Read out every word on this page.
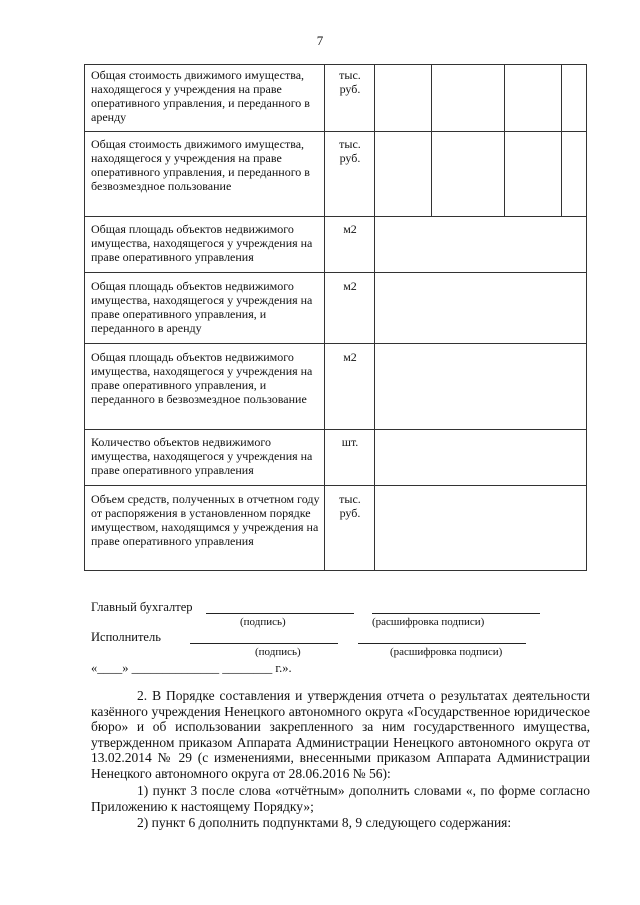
7
Общая стоимость движимого имущества, находящегося у учреждения на праве оперативного управления, и переданного в аренду
тыс. руб.
Общая стоимость движимого имущества, находящегося у учреждения на праве оперативного управления, и переданного в безвозмездное пользование
тыс. руб.
Общая площадь объектов недвижимого имущества, находящегося у учреждения на праве оперативного управления
м2
Общая площадь объектов недвижимого имущества, находящегося у учреждения на праве оперативного управления, и переданного в аренду
м2
Общая площадь объектов недвижимого имущества, находящегося у учреждения на праве оперативного управления, и переданного в безвозмездное пользование
м2
Количество объектов недвижимого имущества, находящегося у учреждения на праве оперативного управления
шт.
Объем средств, полученных в отчетном году от распоряжения в установленном порядке имуществом, находящимся у учреждения на праве оперативного управления
тыс. руб.
Главный бухгалтер
(подпись)	(расшифровка подписи)
Исполнитель
(подпись)	(расшифровка подписи)
«____» ______________ ________ г.».
2. В Порядке составления и утверждения отчета о результатах деятельности казённого учреждения Ненецкого автономного округа «Государственное юридическое бюро» и об использовании закрепленного за ним государственного имущества, утвержденном приказом Аппарата Администрации Ненецкого автономного округа от 13.02.2014 № 29 (с изменениями, внесенными приказом Аппарата Администрации Ненецкого автономного округа от 28.06.2016 № 56):
1) пункт 3 после слова «отчётным» дополнить словами «, по форме согласно Приложению к настоящему Порядку»;
2) пункт 6 дополнить подпунктами 8, 9 следующего содержания:
